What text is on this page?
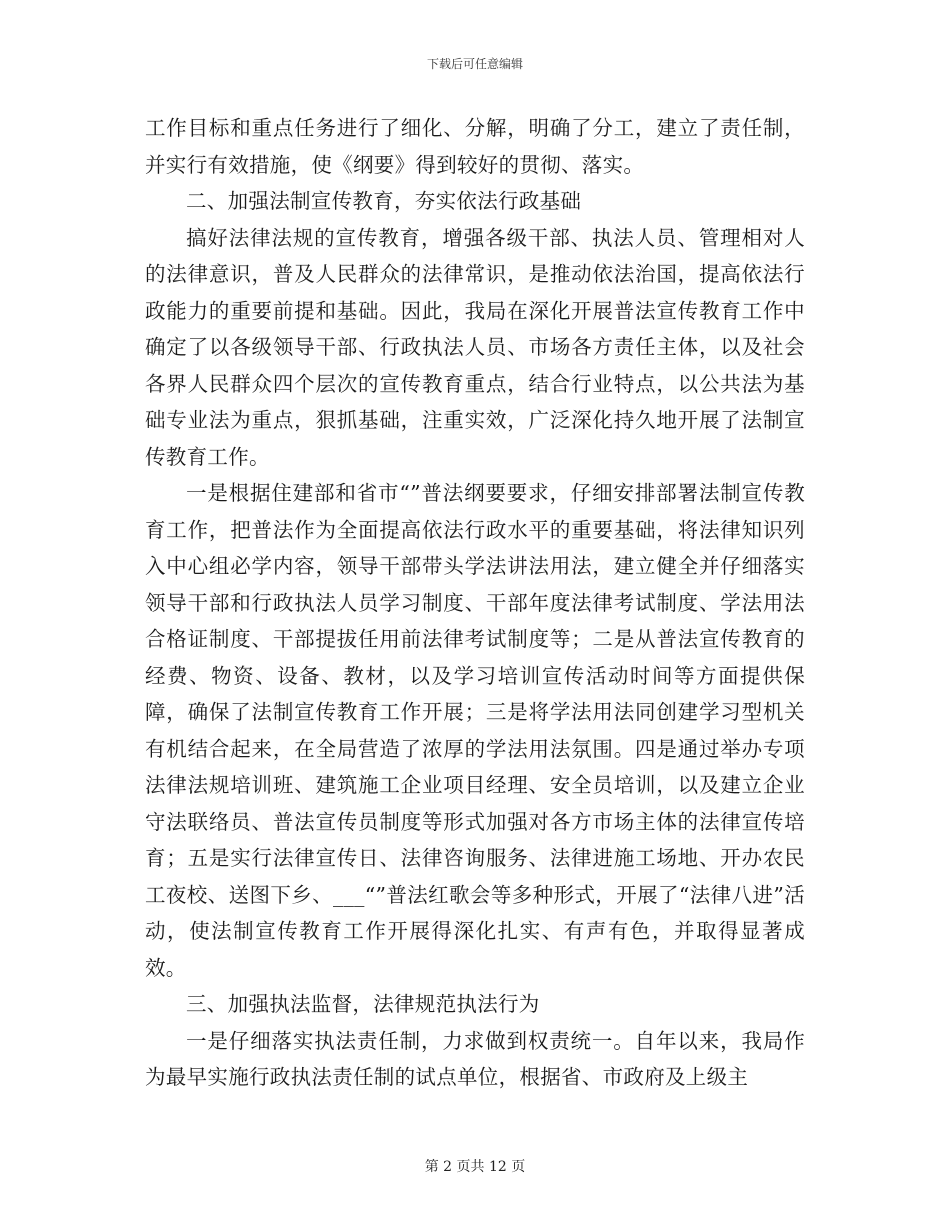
下载后可任意编辑

工作目标和重点任务进行了细化、分解，明确了分工，建立了责任制，并实行有效措施，使《纲要》得到较好的贯彻、落实。

二、加强法制宣传教育，夯实依法行政基础

搞好法律法规的宣传教育，增强各级干部、执法人员、管理相对人的法律意识，普及人民群众的法律常识，是推动依法治国，提高依法行政能力的重要前提和基础。因此，我局在深化开展普法宣传教育工作中确定了以各级领导干部、行政执法人员、市场各方责任主体，以及社会各界人民群众四个层次的宣传教育重点，结合行业特点，以公共法为基础专业法为重点，狠抓基础，注重实效，广泛深化持久地开展了法制宣传教育工作。

一是根据住建部和省市“”普法纲要要求，仔细安排部署法制宣传教育工作，把普法作为全面提高依法行政水平的重要基础，将法律知识列入中心组必学内容，领导干部带头学法讲法用法，建立健全并仔细落实领导干部和行政执法人员学习制度、干部年度法律考试制度、学法用法合格证制度、干部提拔任用前法律考试制度等；二是从普法宣传教育的经费、物资、设备、教材，以及学习培训宣传活动时间等方面提供保障，确保了法制宣传教育工作开展；三是将学法用法同创建学习型机关有机结合起来，在全局营造了浓厚的学法用法氛围。四是通过举办专项法律法规培训班、建筑施工企业项目经理、安全员培训，以及建立企业守法联络员、普法宣传员制度等形式加强对各方市场主体的法律宣传培育；五是实行法律宣传日、法律咨询服务、法律进施工场地、开办农民工夜校、送图下乡、___“”普法红歌会等多种形式，开展了“法律八进”活动，使法制宣传教育工作开展得深化扎实、有声有色，并取得显著成效。

三、加强执法监督，法律规范执法行为

一是仔细落实执法责任制，力求做到权责统一。自年以来，我局作为最早实施行政执法责任制的试点单位，根据省、市政府及上级主

第 2 页共 12 页
